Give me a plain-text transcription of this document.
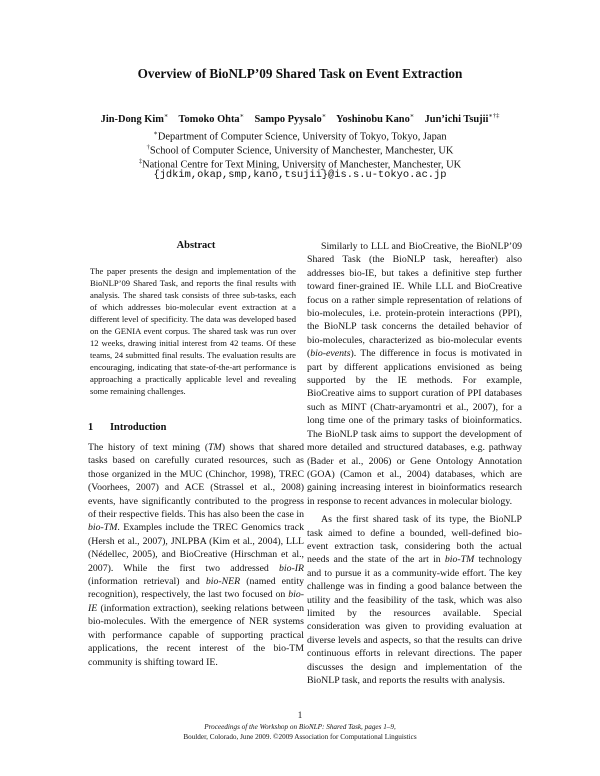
Overview of BioNLP’09 Shared Task on Event Extraction
Jin-Dong Kim∗ Tomoko Ohta∗ Sampo Pyysalo∗ Yoshinobu Kano∗ Jun’ichi Tsujii∗†‡
∗Department of Computer Science, University of Tokyo, Tokyo, Japan
†School of Computer Science, University of Manchester, Manchester, UK
‡National Centre for Text Mining, University of Manchester, Manchester, UK
{jdkim,okap,smp,kano,tsujii}@is.s.u-tokyo.ac.jp
Abstract
The paper presents the design and implementation of the BioNLP’09 Shared Task, and reports the final results with analysis. The shared task consists of three sub-tasks, each of which addresses bio-molecular event extraction at a different level of specificity. The data was developed based on the GENIA event corpus. The shared task was run over 12 weeks, drawing initial interest from 42 teams. Of these teams, 24 submitted final results. The evaluation results are encouraging, indicating that state-of-the-art performance is approaching a practically applicable level and revealing some remaining challenges.
1 Introduction

The history of text mining (TM) shows that shared tasks based on carefully curated resources, such as those organized in the MUC (Chinchor, 1998), TREC (Voorhees, 2007) and ACE (Strassel et al., 2008) events, have significantly contributed to the progress of their respective fields. This has also been the case in bio-TM. Examples include the TREC Genomics track (Hersh et al., 2007), JNLPBA (Kim et al., 2004), LLL (Nédellec, 2005), and BioCreative (Hirschman et al., 2007). While the first two addressed bio-IR (information retrieval) and bio-NER (named entity recognition), respectively, the last two focused on bio-IE (information extraction), seeking relations between bio-molecules. With the emergence of NER systems with performance capable of supporting practical applications, the recent interest of the bio-TM community is shifting toward IE.

Similarly to LLL and BioCreative, the BioNLP’09 Shared Task (the BioNLP task, hereafter) also addresses bio-IE, but takes a definitive step further toward finer-grained IE. While LLL and BioCreative focus on a rather simple representation of relations of bio-molecules, i.e. protein-protein interactions (PPI), the BioNLP task concerns the detailed behavior of bio-molecules, characterized as bio-molecular events (bio-events). The difference in focus is motivated in part by different applications envisioned as being supported by the IE methods. For example, BioCreative aims to support curation of PPI databases such as MINT (Chatr-aryamontri et al., 2007), for a long time one of the primary tasks of bioinformatics. The BioNLP task aims to support the development of more detailed and structured databases, e.g. pathway (Bader et al., 2006) or Gene Ontology Annotation (GOA) (Camon et al., 2004) databases, which are gaining increasing interest in bioinformatics research in response to recent advances in molecular biology.

As the first shared task of its type, the BioNLP task aimed to define a bounded, well-defined bio-event extraction task, considering both the actual needs and the state of the art in bio-TM technology and to pursue it as a community-wide effort. The key challenge was in finding a good balance between the utility and the feasibility of the task, which was also limited by the resources available. Special consideration was given to providing evaluation at diverse levels and aspects, so that the results can drive continuous efforts in relevant directions. The paper discusses the design and implementation of the BioNLP task, and reports the results with analysis.

1
Proceedings of the Workshop on BioNLP: Shared Task, pages 1–9,
Boulder, Colorado, June 2009. ©2009 Association for Computational Linguistics
